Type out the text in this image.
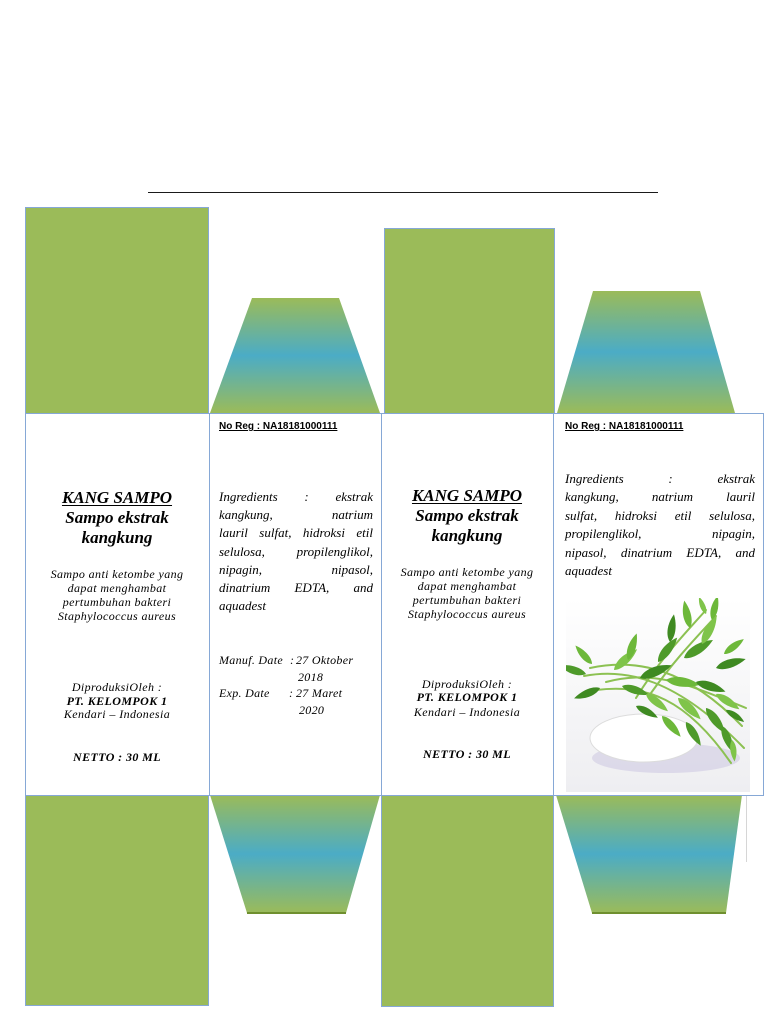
KANG SAMPO
Sampo ekstrak
kangkung
Sampo anti ketombe yang
dapat menghambat
pertumbuhan bakteri
Staphylococcus aureus
DiproduksiOleh :
PT. KELOMPOK 1
Kendari – Indonesia
NETTO : 30 ML
No Reg : NA18181000111
Ingredients : ekstrak
kangkung, natrium
lauril sulfat, hidroksi etil
selulosa, propilenglikol,
nipagin, nipasol,
dinatrium EDTA, and
aquadest
Manuf. Date : 27 Oktober
2018
Exp. Date : 27 Maret
2020
KANG SAMPO
Sampo ekstrak
kangkung
Sampo anti ketombe yang
dapat menghambat
pertumbuhan bakteri
Staphylococcus aureus
DiproduksiOleh :
PT. KELOMPOK 1
Kendari – Indonesia
NETTO : 30 ML
No Reg : NA18181000111
Ingredients : ekstrak
kangkung, natrium lauril
sulfat, hidroksi etil selulosa,
propilenglikol, nipagin,
nipasol, dinatrium EDTA, and
aquadest
